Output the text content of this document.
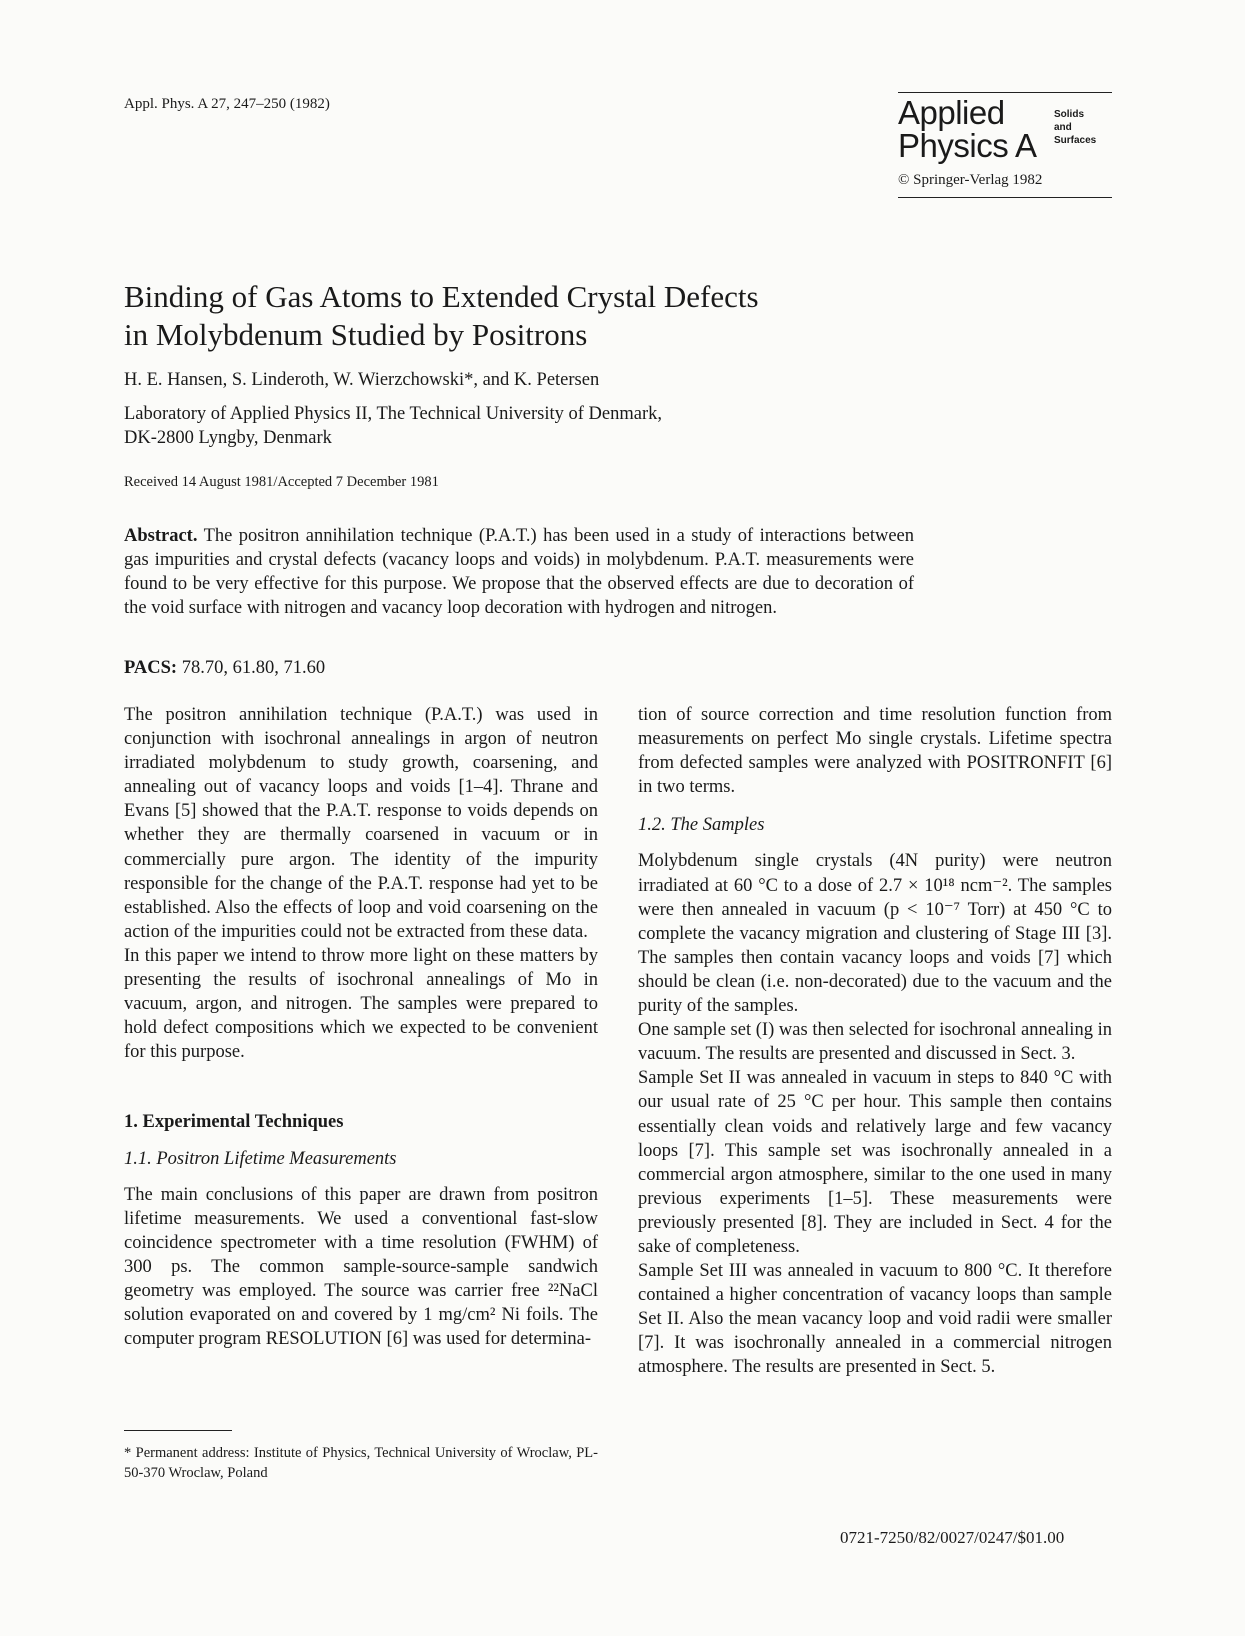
Appl. Phys. A 27, 247–250 (1982)	Applied
Physics A
Solids
and
Surfaces
© Springer-Verlag 1982
Binding of Gas Atoms to Extended Crystal Defects
in Molybdenum Studied by Positrons
H. E. Hansen, S. Linderoth, W. Wierzchowski*, and K. Petersen
Laboratory of Applied Physics II, The Technical University of Denmark,
DK-2800 Lyngby, Denmark
Received 14 August 1981/Accepted 7 December 1981
Abstract. The positron annihilation technique (P.A.T.) has been used in a study of interactions between gas impurities and crystal defects (vacancy loops and voids) in molybdenum. P.A.T. measurements were found to be very effective for this purpose. We propose that the observed effects are due to decoration of the void surface with nitrogen and vacancy loop decoration with hydrogen and nitrogen.
PACS: 78.70, 61.80, 71.60

The positron annihilation technique (P.A.T.) was used in conjunction with isochronal annealings in argon of neutron irradiated molybdenum to study growth, coarsening, and annealing out of vacancy loops and voids [1–4]. Thrane and Evans [5] showed that the P.A.T. response to voids depends on whether they are thermally coarsened in vacuum or in commercially pure argon. The identity of the impurity responsible for the change of the P.A.T. response had yet to be established. Also the effects of loop and void coarsening on the action of the impurities could not be extracted from these data.

In this paper we intend to throw more light on these matters by presenting the results of isochronal annealings of Mo in vacuum, argon, and nitrogen. The samples were prepared to hold defect compositions which we expected to be convenient for this purpose.

1. Experimental Techniques

1.1. Positron Lifetime Measurements

The main conclusions of this paper are drawn from positron lifetime measurements. We used a conventional fast-slow coincidence spectrometer with a time resolution (FWHM) of 300 ps. The common sample-source-sample sandwich geometry was employed. The source was carrier free ²²NaCl solution evaporated on and covered by 1 mg/cm² Ni foils. The computer program RESOLUTION [6] was used for determina-

* Permanent address: Institute of Physics, Technical University of Wroclaw, PL-50-370 Wroclaw, Poland

tion of source correction and time resolution function from measurements on perfect Mo single crystals. Lifetime spectra from defected samples were analyzed with POSITRONFIT [6] in two terms.

1.2. The Samples

Molybdenum single crystals (4N purity) were neutron irradiated at 60 °C to a dose of 2.7 × 10¹⁸ ncm⁻². The samples were then annealed in vacuum (p < 10⁻⁷ Torr) at 450 °C to complete the vacancy migration and clustering of Stage III [3]. The samples then contain vacancy loops and voids [7] which should be clean (i.e. non-decorated) due to the vacuum and the purity of the samples.

One sample set (I) was then selected for isochronal annealing in vacuum. The results are presented and discussed in Sect. 3.

Sample Set II was annealed in vacuum in steps to 840 °C with our usual rate of 25 °C per hour. This sample then contains essentially clean voids and relatively large and few vacancy loops [7]. This sample set was isochronally annealed in a commercial argon atmosphere, similar to the one used in many previous experiments [1–5]. These measurements were previously presented [8]. They are included in Sect. 4 for the sake of completeness.

Sample Set III was annealed in vacuum to 800 °C. It therefore contained a higher concentration of vacancy loops than sample Set II. Also the mean vacancy loop and void radii were smaller [7]. It was isochronally annealed in a commercial nitrogen atmosphere. The results are presented in Sect. 5.

0721-7250/82/0027/0247/$01.00
